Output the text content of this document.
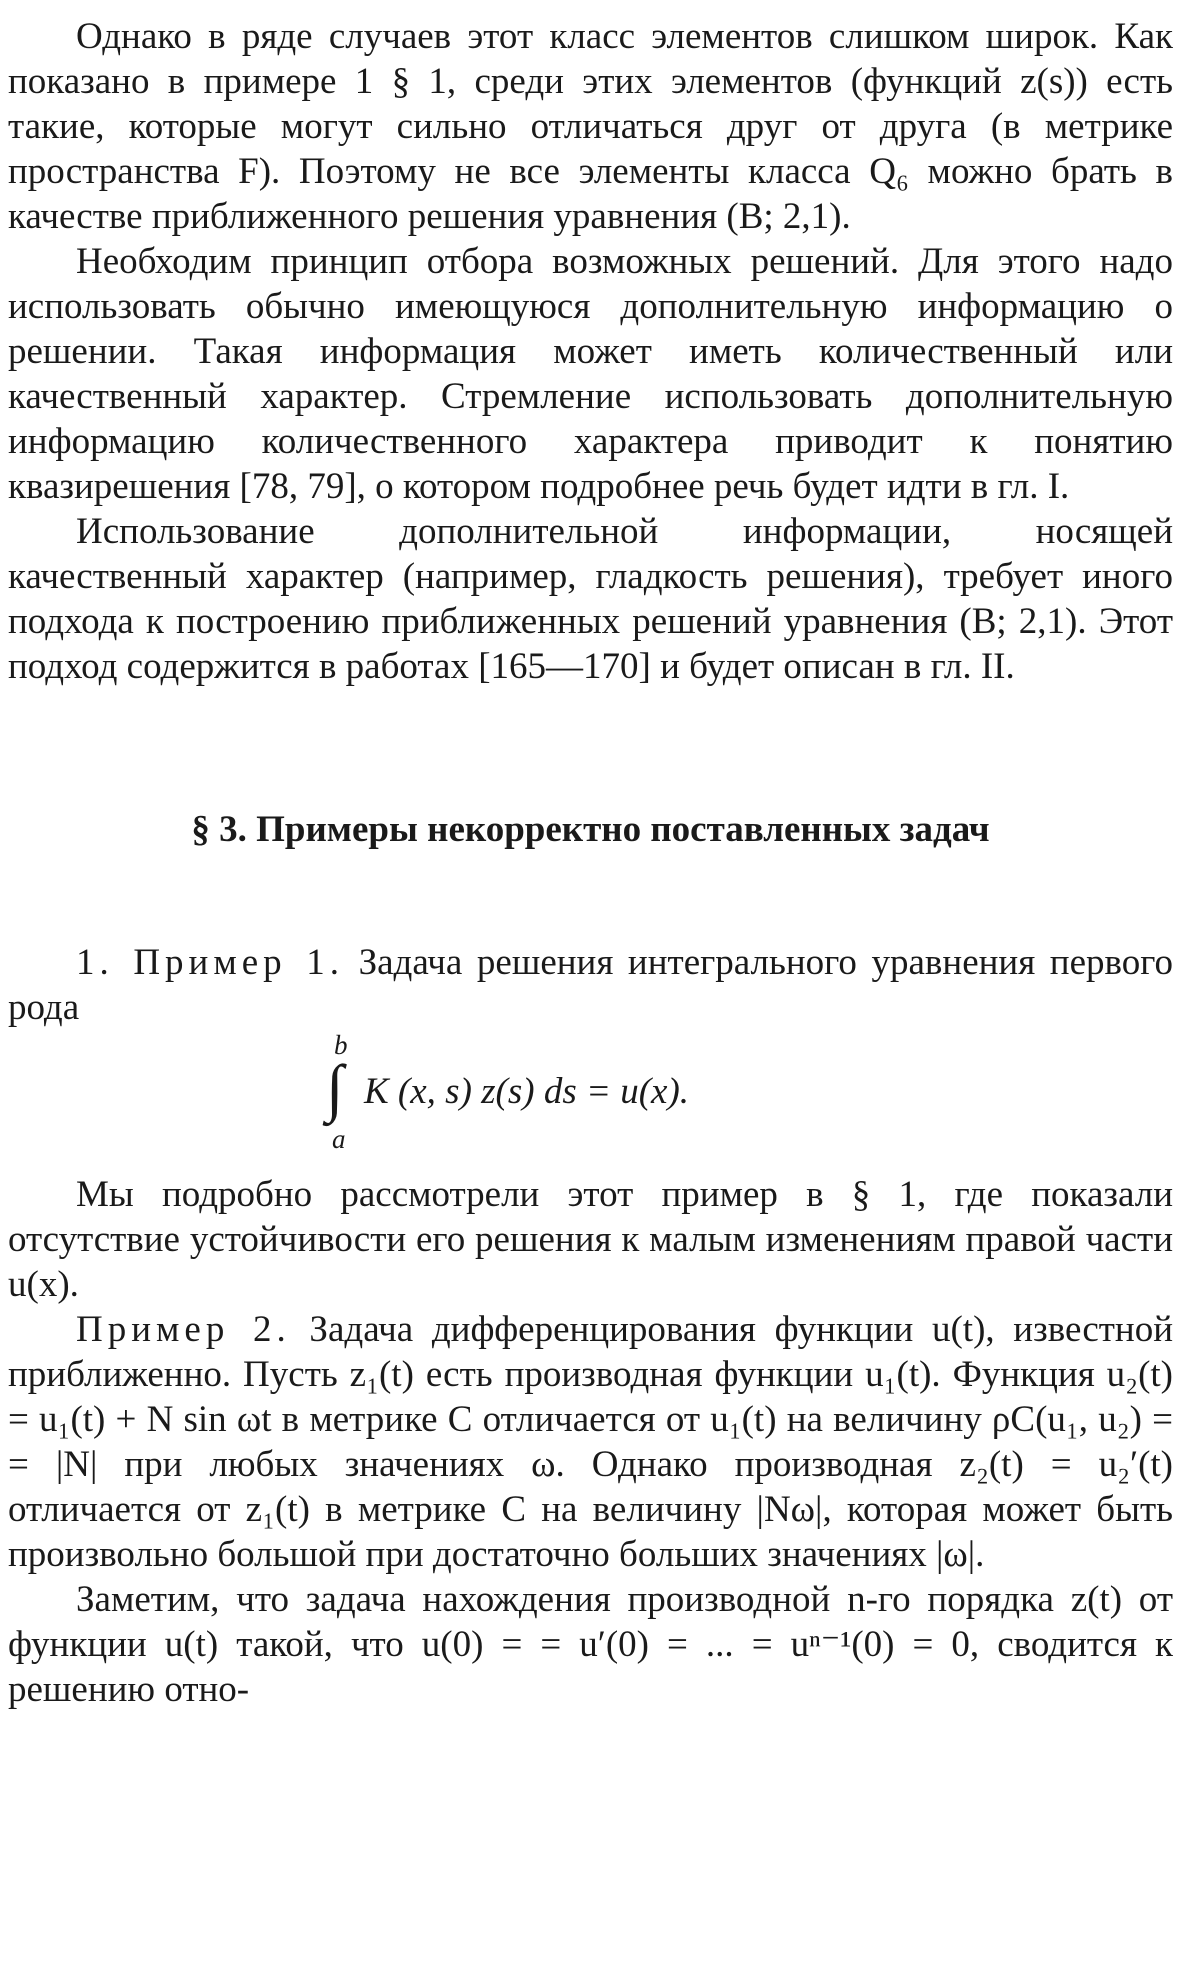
Однако в ряде случаев этот класс элементов слишком широк. Как показано в примере 1 § 1, среди этих элементов (функций z(s)) есть такие, которые могут сильно отличаться друг от друга (в метрике пространства F). Поэтому не все элементы класса Q₆ можно брать в качестве приближенного решения уравнения (В; 2,1).

Необходим принцип отбора возможных решений. Для этого надо использовать обычно имеющуюся дополнительную информацию о решении. Такая информация может иметь количественный или качественный характер. Стремление использовать дополнительную информацию количественного характера приводит к понятию квазирешения [78, 79], о котором подробнее речь будет идти в гл. I.

Использование дополнительной информации, носящей качественный характер (например, гладкость решения), требует иного подхода к построению приближенных решений уравнения (В; 2,1). Этот подход содержится в работах [165—170] и будет описан в гл. II.

§ 3. Примеры некорректно поставленных задач

1. Пример 1. Задача решения интегрального уравнения первого рода

b
∫
a
K (x, s) z(s) ds = u(x).

Мы подробно рассмотрели этот пример в § 1, где показали отсутствие устойчивости его решения к малым изменениям правой части u(x).

Пример 2. Задача дифференцирования функции u(t), известной приближенно. Пусть z₁(t) есть производная функции u₁(t). Функция u₂(t) = u₁(t) + N sin ωt в метрике C отличается от u₁(t) на величину ρC(u₁, u₂) = = |N| при любых значениях ω. Однако производная z₂(t) = u₂′(t) отличается от z₁(t) в метрике C на величину |Nω|, которая может быть произвольно большой при достаточно больших значениях |ω|.

Заметим, что задача нахождения производной n-го порядка z(t) от функции u(t) такой, что u(0) = = u′(0) = ... = uⁿ⁻¹(0) = 0, сводится к решению отно-
